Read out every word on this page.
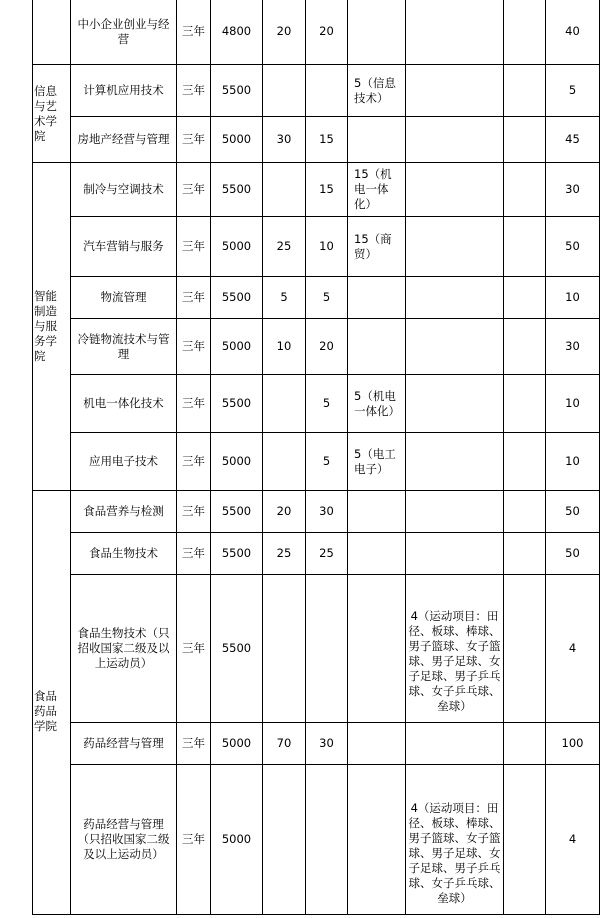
	中小企业创业与经营	三年	4800	20	20				40
信息与艺术学院	计算机应用技术	三年	5500			5（信息技术）			5
	房地产经营与管理	三年	5000	30	15				45
智能制造与服务学院	制冷与空调技术	三年	5500		15	15（机电一体化）			30
	汽车营销与服务	三年	5000	25	10	15（商贸）			50
	物流管理	三年	5500	5	5				10
	冷链物流技术与管理	三年	5000	10	20				30
	机电一体化技术	三年	5500		5	5（机电一体化）			10
	应用电子技术	三年	5000		5	5（电工电子）			10
食品药品学院	食品营养与检测	三年	5500	20	30				50
	食品生物技术	三年	5500	25	25				50
	食品生物技术（只招收国家二级及以上运动员）	三年	5500				4（运动项目：田径、板球、棒球、男子篮球、女子篮球、男子足球、女子足球、男子乒乓球、女子乒乓球、垒球）		4
	药品经营与管理	三年	5000	70	30				100
	药品经营与管理（只招收国家二级及以上运动员）	三年	5000				4（运动项目：田径、板球、棒球、男子篮球、女子篮球、男子足球、女子足球、男子乒乓球、女子乒乓球、垒球）		4
